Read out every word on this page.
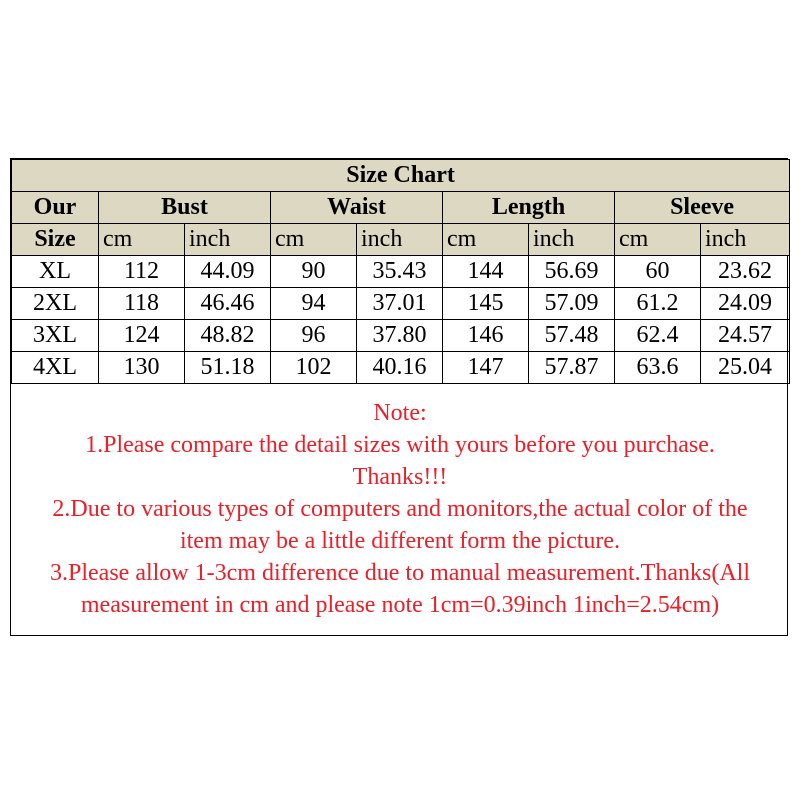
Size Chart								
Our	Bust		Waist		Length		Sleeve	
Size	cm	inch	cm	inch	cm	inch	cm	inch
XL	112	44.09	90	35.43	144	56.69	60	23.62
2XL	118	46.46	94	37.01	145	57.09	61.2	24.09
3XL	124	48.82	96	37.80	146	57.48	62.4	24.57
4XL	130	51.18	102	40.16	147	57.87	63.6	25.04
Note:
1.Please compare the detail sizes with yours before you purchase.
Thanks!!!
2.Due to various types of computers and monitors,the actual color of the
item may be a little different form the picture.
3.Please allow 1-3cm difference due to manual measurement.Thanks(All
measurement in cm and please note 1cm=0.39inch 1inch=2.54cm)
